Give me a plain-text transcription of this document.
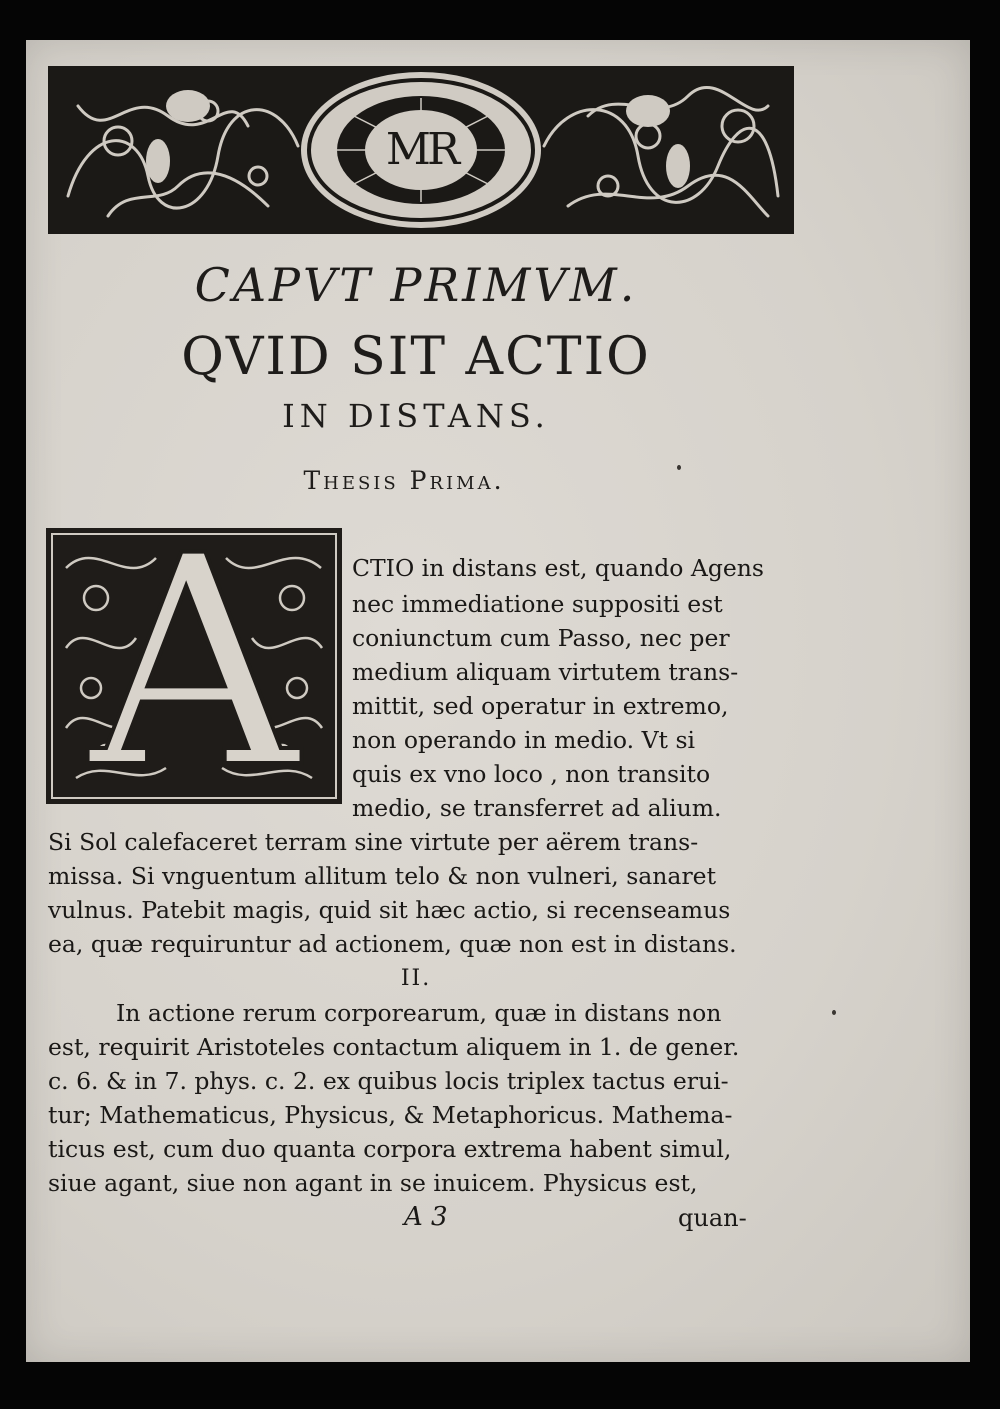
MR
CAPVT PRIMVM.
QVID SIT ACTIO
IN DISTANS.
Thesis Prima.
A	CTIO in distans est, quando Agens
nec immediatione suppositi est
coniunctum cum Passo, nec per
medium aliquam virtutem trans-
mittit, sed operatur in extremo,
non operando in medio. Vt si
quis ex vno loco , non transito
medio, se transferret ad alium.
Si Sol calefaceret terram sine virtute per aërem trans-
missa. Si vnguentum allitum telo & non vulneri, sanaret
vulnus. Patebit magis, quid sit hæc actio, si recenseamus
ea, quæ requiruntur ad actionem, quæ non est in distans.
II.
In actione rerum corporearum, quæ in distans non
est, requirit Aristoteles contactum aliquem in 1. de gener.
c. 6. & in 7. phys. c. 2. ex quibus locis triplex tactus erui-
tur; Mathematicus, Physicus, & Metaphoricus. Mathema-
ticus est, cum duo quanta corpora extrema habent simul,
siue agant, siue non agant in se inuicem. Physicus est,
A 3	quan-
